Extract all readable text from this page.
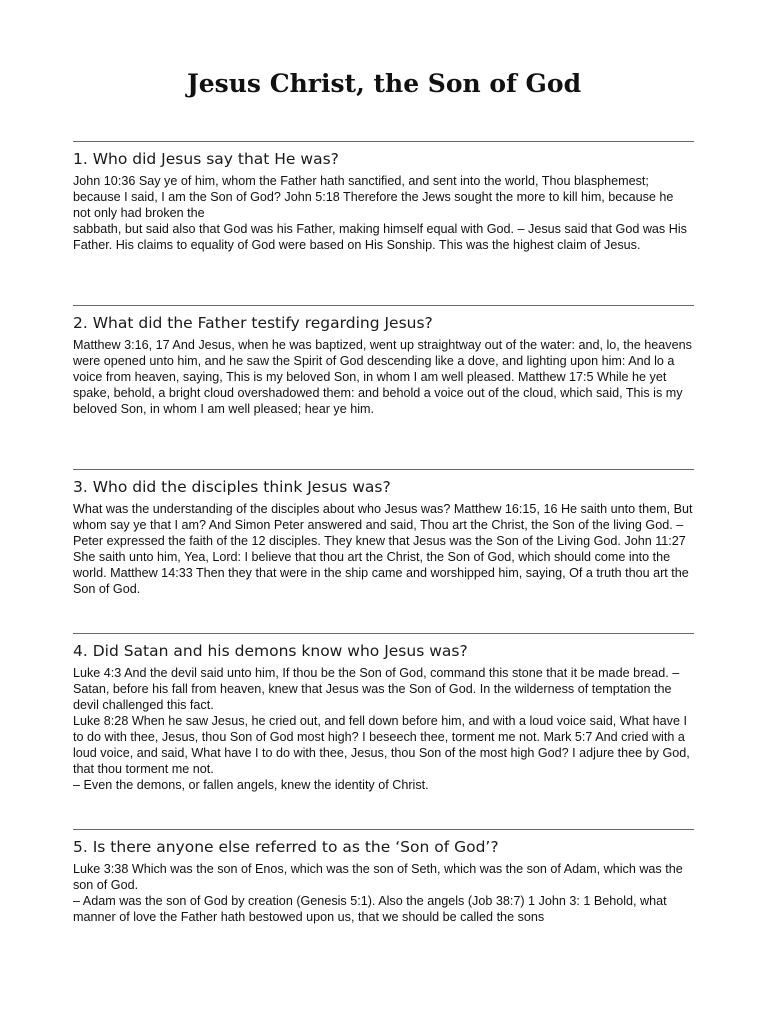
Jesus Christ, the Son of God
1. Who did Jesus say that He was?

John 10:36 Say ye of him, whom the Father hath sanctified, and sent into the world, Thou blasphemest; because I said, I am the Son of God? John 5:18 Therefore the Jews sought the more to kill him, because he not only had broken the

sabbath, but said also that God was his Father, making himself equal with God. – Jesus said that God was His Father. His claims to equality of God were based on His Sonship. This was the highest claim of Jesus.

2. What did the Father testify regarding Jesus?

Matthew 3:16, 17 And Jesus, when he was baptized, went up straightway out of the water: and, lo, the heavens were opened unto him, and he saw the Spirit of God descending like a dove, and lighting upon him: And lo a voice from heaven, saying, This is my beloved Son, in whom I am well pleased. Matthew 17:5 While he yet spake, behold, a bright cloud overshadowed them: and behold a voice out of the cloud, which said, This is my beloved Son, in whom I am well pleased; hear ye him.

3. Who did the disciples think Jesus was?

What was the understanding of the disciples about who Jesus was? Matthew 16:15, 16 He saith unto them, But whom say ye that I am? And Simon Peter answered and said, Thou art the Christ, the Son of the living God. – Peter expressed the faith of the 12 disciples. They knew that Jesus was the Son of the Living God. John 11:27 She saith unto him, Yea, Lord: I believe that thou art the Christ, the Son of God, which should come into the world. Matthew 14:33 Then they that were in the ship came and worshipped him, saying, Of a truth thou art the Son of God.

4. Did Satan and his demons know who Jesus was?

Luke 4:3 And the devil said unto him, If thou be the Son of God, command this stone that it be made bread. – Satan, before his fall from heaven, knew that Jesus was the Son of God. In the wilderness of temptation the devil challenged this fact.

Luke 8:28 When he saw Jesus, he cried out, and fell down before him, and with a loud voice said, What have I to do with thee, Jesus, thou Son of God most high? I beseech thee, torment me not. Mark 5:7 And cried with a loud voice, and said, What have I to do with thee, Jesus, thou Son of the most high God? I adjure thee by God, that thou torment me not.

– Even the demons, or fallen angels, knew the identity of Christ.

5. Is there anyone else referred to as the ‘Son of God’?

Luke 3:38 Which was the son of Enos, which was the son of Seth, which was the son of Adam, which was the son of God.

– Adam was the son of God by creation (Genesis 5:1). Also the angels (Job 38:7) 1 John 3: 1 Behold, what manner of love the Father hath bestowed upon us, that we should be called the sons
